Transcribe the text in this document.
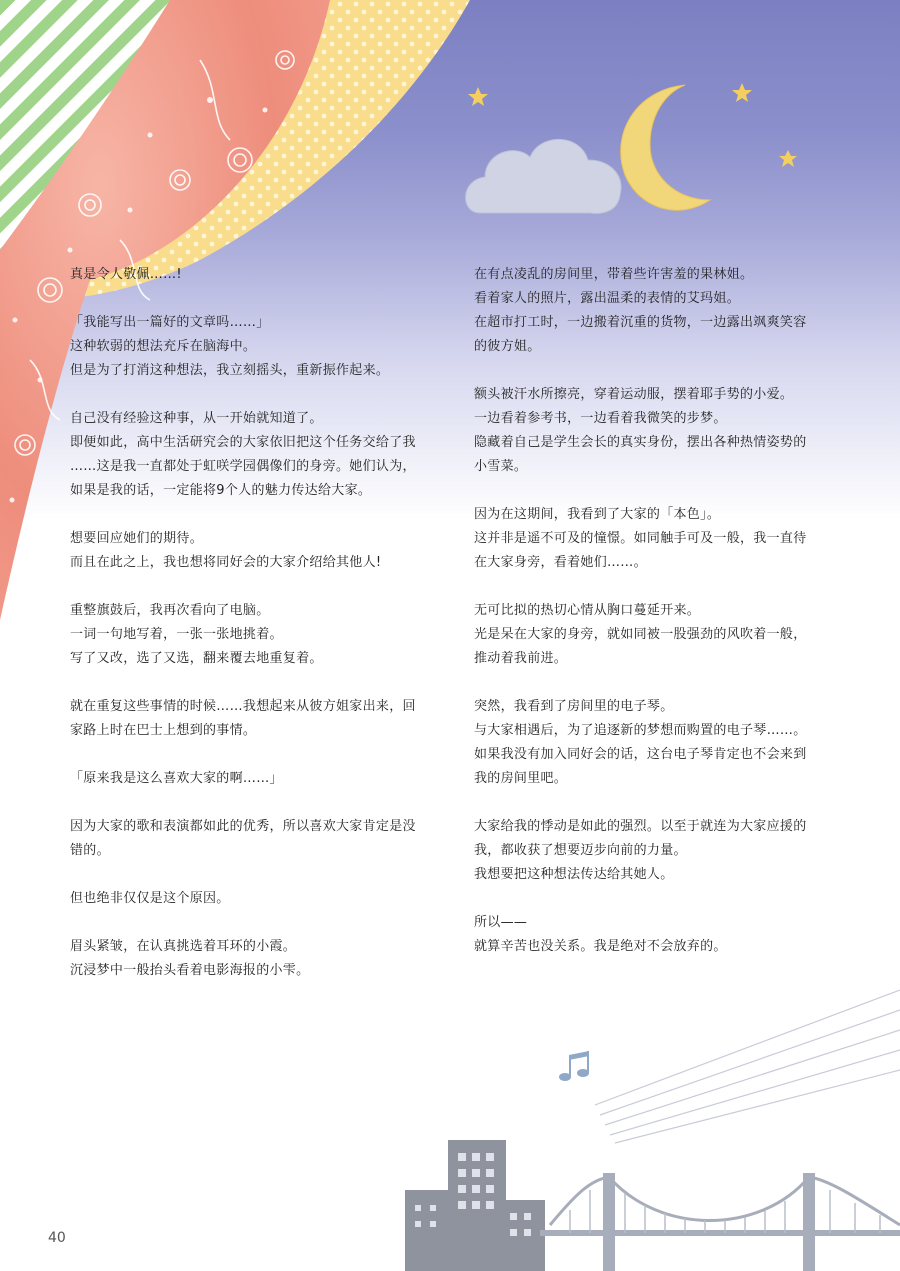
真是令人敬佩……!
「我能写出一篇好的文章吗……」
这种软弱的想法充斥在脑海中。
但是为了打消这种想法，我立刻摇头，重新振作起来。
自己没有经验这种事，从一开始就知道了。
即便如此，高中生活研究会的大家依旧把这个任务交给了我
……这是我一直都处于虹咲学园偶像们的身旁。她们认为，
如果是我的话，一定能将9个人的魅力传达给大家。
想要回应她们的期待。
而且在此之上，我也想将同好会的大家介绍给其他人!
重整旗鼓后，我再次看向了电脑。
一词一句地写着，一张一张地挑着。
写了又改，选了又选，翻来覆去地重复着。
就在重复这些事情的时候……我想起来从彼方姐家出来，回
家路上时在巴士上想到的事情。
「原来我是这么喜欢大家的啊……」
因为大家的歌和表演都如此的优秀，所以喜欢大家肯定是没
错的。
但也绝非仅仅是这个原因。
眉头紧皱，在认真挑选着耳环的小霞。
沉浸梦中一般抬头看着电影海报的小雫。
在有点凌乱的房间里，带着些许害羞的果林姐。
看着家人的照片，露出温柔的表情的艾玛姐。
在超市打工时，一边搬着沉重的货物，一边露出飒爽笑容
的彼方姐。
额头被汗水所擦亮，穿着运动服，摆着耶手势的小爱。
一边看着参考书，一边看着我微笑的步梦。
隐藏着自己是学生会长的真实身份，摆出各种热情姿势的
小雪菜。
因为在这期间，我看到了大家的「本色」。
这并非是遥不可及的憧憬。如同触手可及一般，我一直待
在大家身旁，看着她们……。
无可比拟的热切心情从胸口蔓延开来。
光是呆在大家的身旁，就如同被一股强劲的风吹着一般，
推动着我前进。
突然，我看到了房间里的电子琴。
与大家相遇后，为了追逐新的梦想而购置的电子琴……。
如果我没有加入同好会的话，这台电子琴肯定也不会来到
我的房间里吧。
大家给我的悸动是如此的强烈。以至于就连为大家应援的
我，都收获了想要迈步向前的力量。
我想要把这种想法传达给其她人。
所以——
就算辛苦也没关系。我是绝对不会放弃的。
40
